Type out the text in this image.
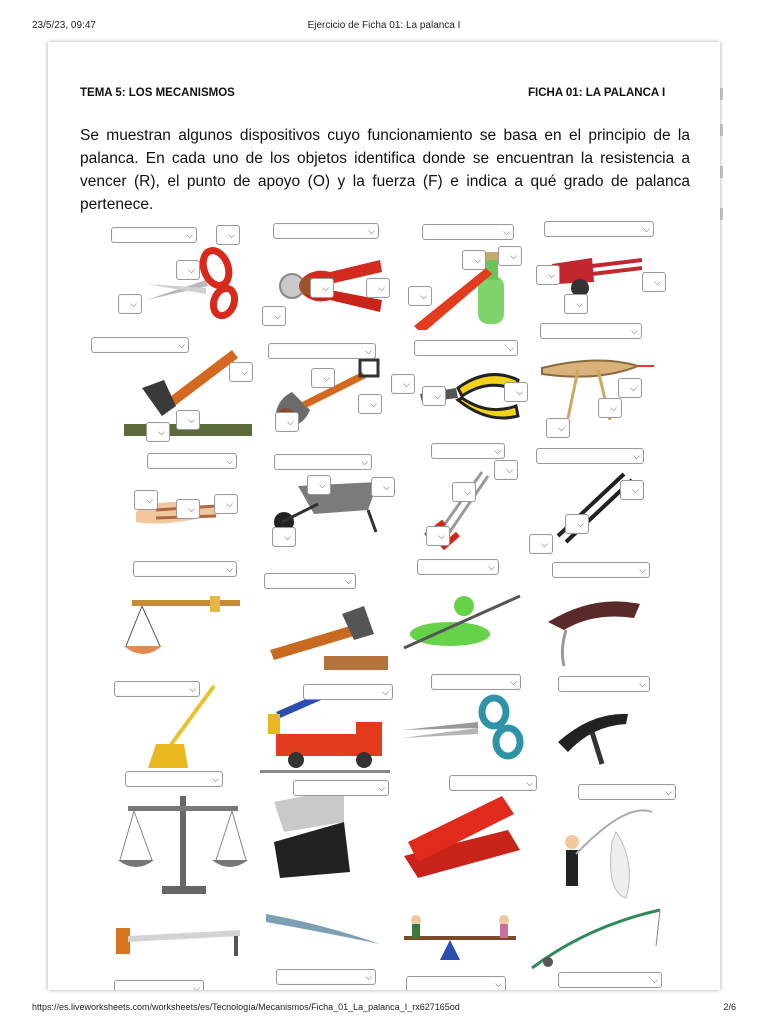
23/5/23, 09:47	Ejercicio de Ficha 01: La palanca I
TEMA 5: LOS MECANISMOS	FICHA 01: LA PALANCA I
Se muestran algunos dispositivos cuyo funcionamiento se basa en el principio de la palanca. En cada uno de los objetos identifica donde se encuentran la resistencia a vencer (R), el punto de apoyo (O) y la fuerza (F) e indica a qué grado de palanca pertenece.
⌵	⌵
⌵
⌵
⌵
⌵	⌵
⌵
⌵
⌵	⌵
⌵
⌵
⌵
⌵
⌵
⌵
⌵
⌵
⌵
⌵
⌵
⌵
⌵
⌵
⌵
⌵	⌵
⌵
⌵
⌵
⌵
⌵
⌵
⌵	⌵
⌵
⌵	⌵
⌵
⌵
⌵
⌵
⌵
⌵
⌵
⌵
⌵
⌵
⌵
⌵	⌵
⌵	⌵
⌵	⌵
⌵
⌵	⌵
⌵
⌵
⌵
⌵	⌵
https://es.liveworksheets.com/worksheets/es/Tecnología/Mecanismos/Ficha_01_La_palanca_I_rx627165od	2/6
